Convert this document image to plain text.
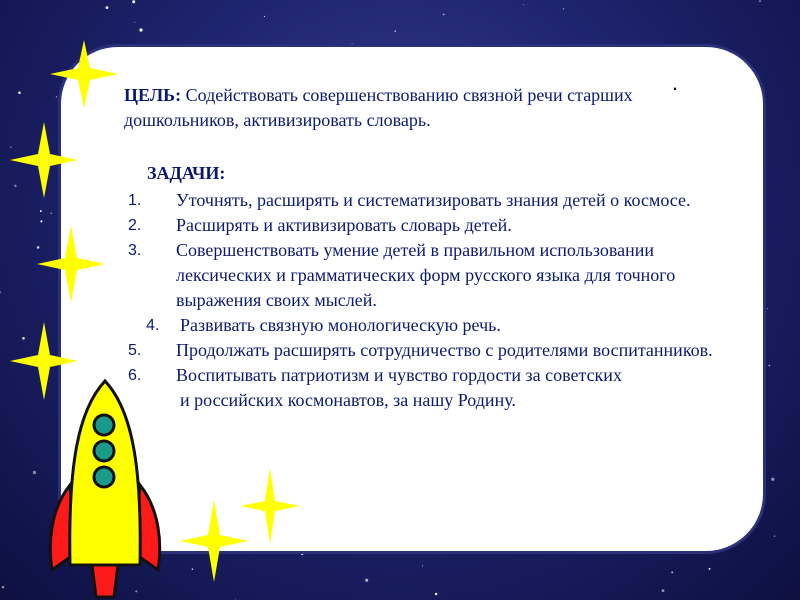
.
ЦЕЛЬ: Содействовать совершенствованию связной речи старших дошкольников, активизировать словарь.
ЗАДАЧИ:
1.	Уточнять, расширять и систематизировать знания детей о космосе.
2.	Расширять и активизировать словарь детей.
3.	Совершенствовать умение детей в правильном использовании лексических и грамматических форм русского языка для точного выражения своих мыслей.
4.	Развивать связную монологическую речь.
5.	Продолжать расширять сотрудничество с родителями воспитанников.
6.	Воспитывать патриотизм и чувство гордости за советских
и российских космонавтов, за нашу Родину.
